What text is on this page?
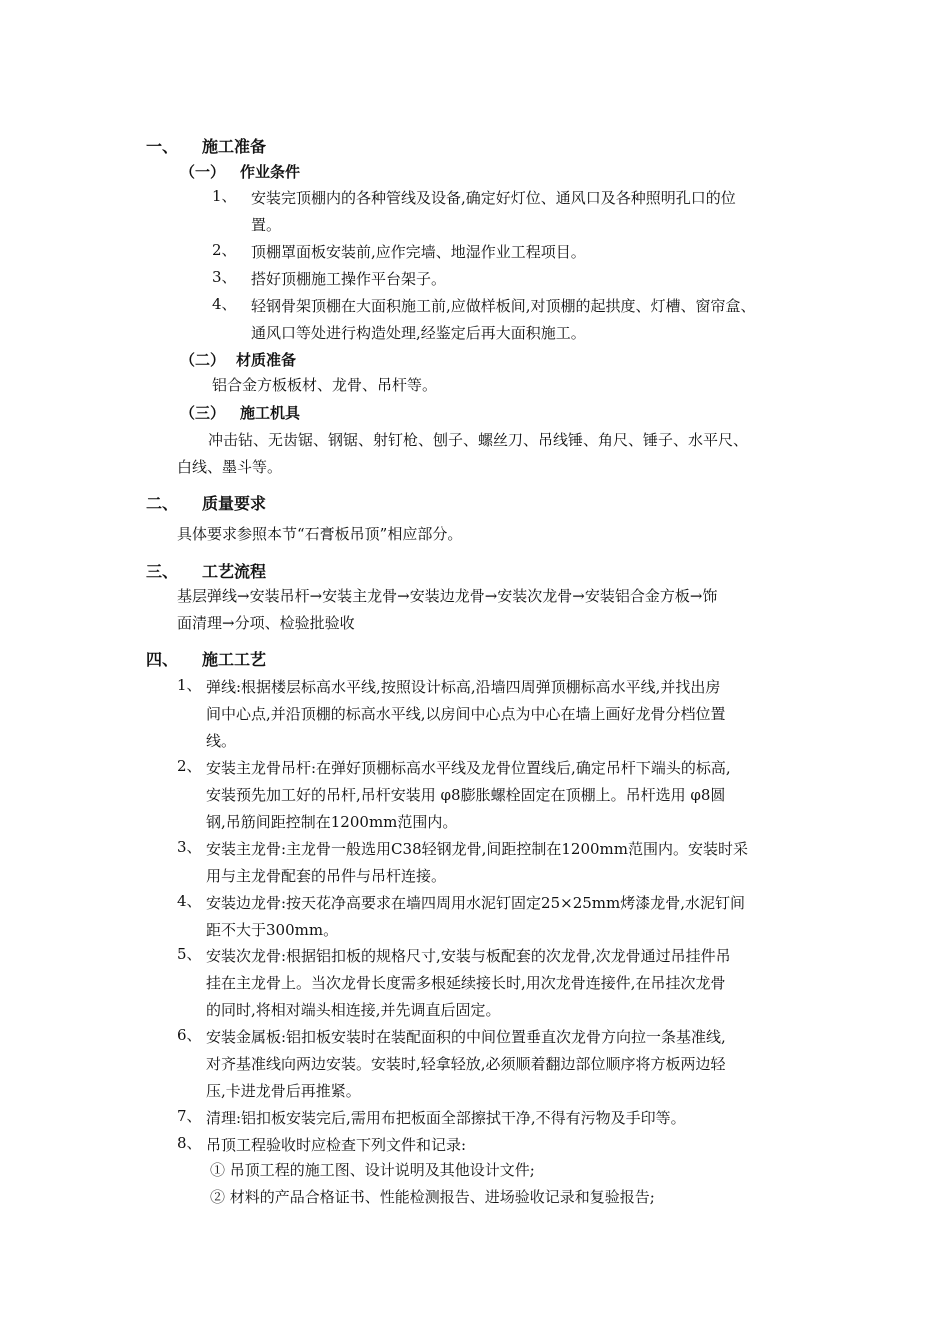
一、 施工准备
（一） 作业条件
1、 安装完顶棚内的各种管线及设备,确定好灯位、通风口及各种照明孔口的位
置。
2、 顶棚罩面板安装前,应作完墙、地湿作业工程项目。
3、 搭好顶棚施工操作平台架子。
4、 轻钢骨架顶棚在大面积施工前,应做样板间,对顶棚的起拱度、灯槽、窗帘盒、
通风口等处进行构造处理,经鉴定后再大面积施工。
（二） 材质准备
铝合金方板板材、龙骨、吊杆等。
（三） 施工机具
冲击钻、无齿锯、钢锯、射钉枪、刨子、螺丝刀、吊线锤、角尺、锤子、水平尺、
白线、墨斗等。
二、 质量要求
具体要求参照本节“石膏板吊顶”相应部分。
三、 工艺流程
基层弹线→安装吊杆→安装主龙骨→安装边龙骨→安装次龙骨→安装铝合金方板→饰
面清理→分项、检验批验收
四、 施工工艺
1、 弹线:根据楼层标高水平线,按照设计标高,沿墙四周弹顶棚标高水平线,并找出房
间中心点,并沿顶棚的标高水平线,以房间中心点为中心在墙上画好龙骨分档位置
线。
2、 安装主龙骨吊杆:在弹好顶棚标高水平线及龙骨位置线后,确定吊杆下端头的标高,
安装预先加工好的吊杆,吊杆安装用 φ8膨胀螺栓固定在顶棚上。吊杆选用 φ8圆
钢,吊筋间距控制在1200mm范围内。
3、 安装主龙骨:主龙骨一般选用C38轻钢龙骨,间距控制在1200mm范围内。安装时采
用与主龙骨配套的吊件与吊杆连接。
4、 安装边龙骨:按天花净高要求在墙四周用水泥钉固定25×25mm烤漆龙骨,水泥钉间
距不大于300mm。
5、 安装次龙骨:根据铝扣板的规格尺寸,安装与板配套的次龙骨,次龙骨通过吊挂件吊
挂在主龙骨上。当次龙骨长度需多根延续接长时,用次龙骨连接件,在吊挂次龙骨
的同时,将相对端头相连接,并先调直后固定。
6、 安装金属板:铝扣板安装时在装配面积的中间位置垂直次龙骨方向拉一条基准线,
对齐基准线向两边安装。安装时,轻拿轻放,必须顺着翻边部位顺序将方板两边轻
压,卡进龙骨后再推紧。
7、 清理:铝扣板安装完后,需用布把板面全部擦拭干净,不得有污物及手印等。
8、 吊顶工程验收时应检查下列文件和记录:
① 吊顶工程的施工图、设计说明及其他设计文件;
② 材料的产品合格证书、性能检测报告、进场验收记录和复验报告;
